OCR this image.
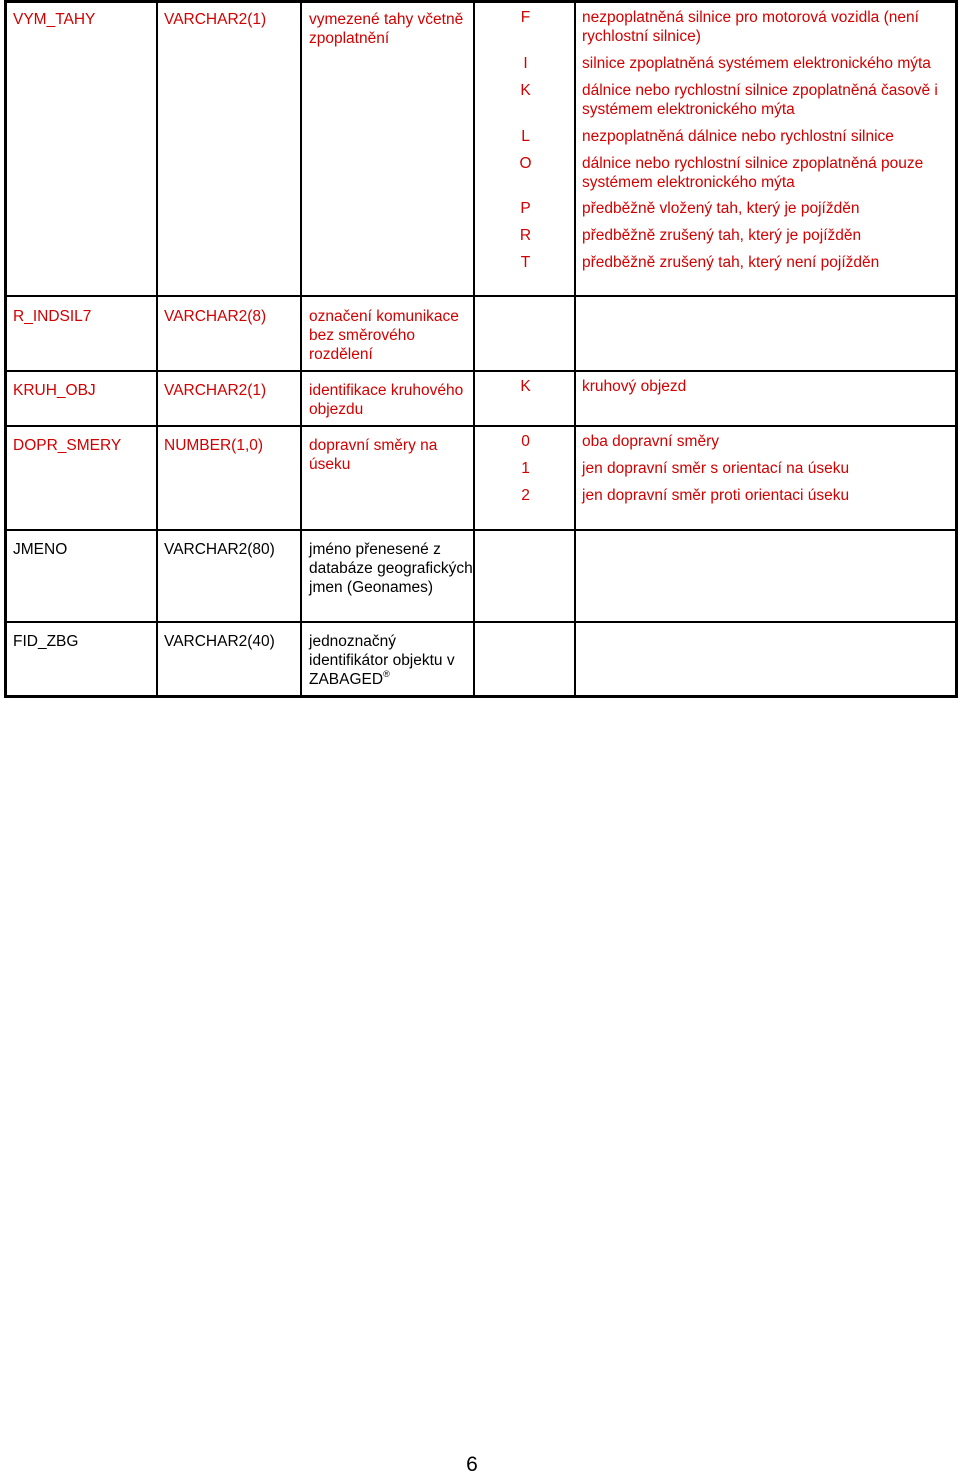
VYM_TAHY	VARCHAR2(1)	vymezené tahy včetně zpoplatnění
F	nezpoplatněná silnice pro motorová vozidla (není rychlostní silnice)
I	silnice zpoplatněná systémem elektronického mýta
K	dálnice nebo rychlostní silnice zpoplatněná časově i systémem elektronického mýta
L	nezpoplatněná dálnice nebo rychlostní silnice
O	dálnice nebo rychlostní silnice zpoplatněná pouze systémem elektronického mýta
P	předběžně vložený tah, který je pojížděn
R	předběžně zrušený tah, který je pojížděn
T	předběžně zrušený tah, který není pojížděn
R_INDSIL7	VARCHAR2(8)	označení komunikace bez směrového rozdělení
KRUH_OBJ	VARCHAR2(1)	identifikace kruhového objezdu
K	kruhový objezd
DOPR_SMERY	NUMBER(1,0)	dopravní směry na úseku
0	oba dopravní směry
1	jen dopravní směr s orientací na úseku
2	jen dopravní směr proti orientaci úseku
JMENO	VARCHAR2(80)	jméno přenesené z databáze geografických jmen (Geonames)
FID_ZBG	VARCHAR2(40)	jednoznačný identifikátor objektu v ZABAGED®
6
